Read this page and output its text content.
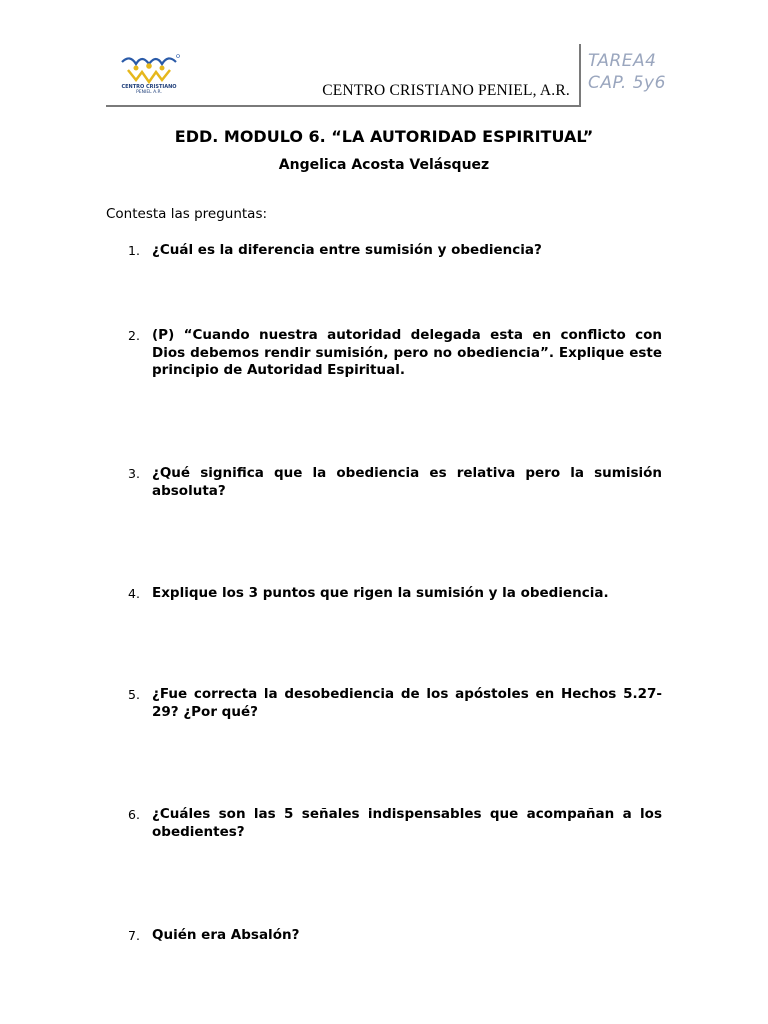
CENTRO CRISTIANO
PENIEL A.R.	CENTRO CRISTIANO PENIEL, A.R.
TAREA4
CAP. 5y6
EDD. MODULO 6. “LA AUTORIDAD ESPIRITUAL”
Angelica Acosta Velásquez
Contesta las preguntas:
1. ¿Cuál es la diferencia entre sumisión y obediencia?
2. (P) “Cuando nuestra autoridad delegada esta en conflicto con Dios debemos rendir sumisión, pero no obediencia”. Explique este principio de Autoridad Espiritual.
3. ¿Qué significa que la obediencia es relativa pero la sumisión absoluta?
4. Explique los 3 puntos que rigen la sumisión y la obediencia.
5. ¿Fue correcta la desobediencia de los apóstoles en Hechos 5.27-29? ¿Por qué?
6. ¿Cuáles son las 5 señales indispensables que acompañan a los obedientes?
7. Quién era Absalón?
